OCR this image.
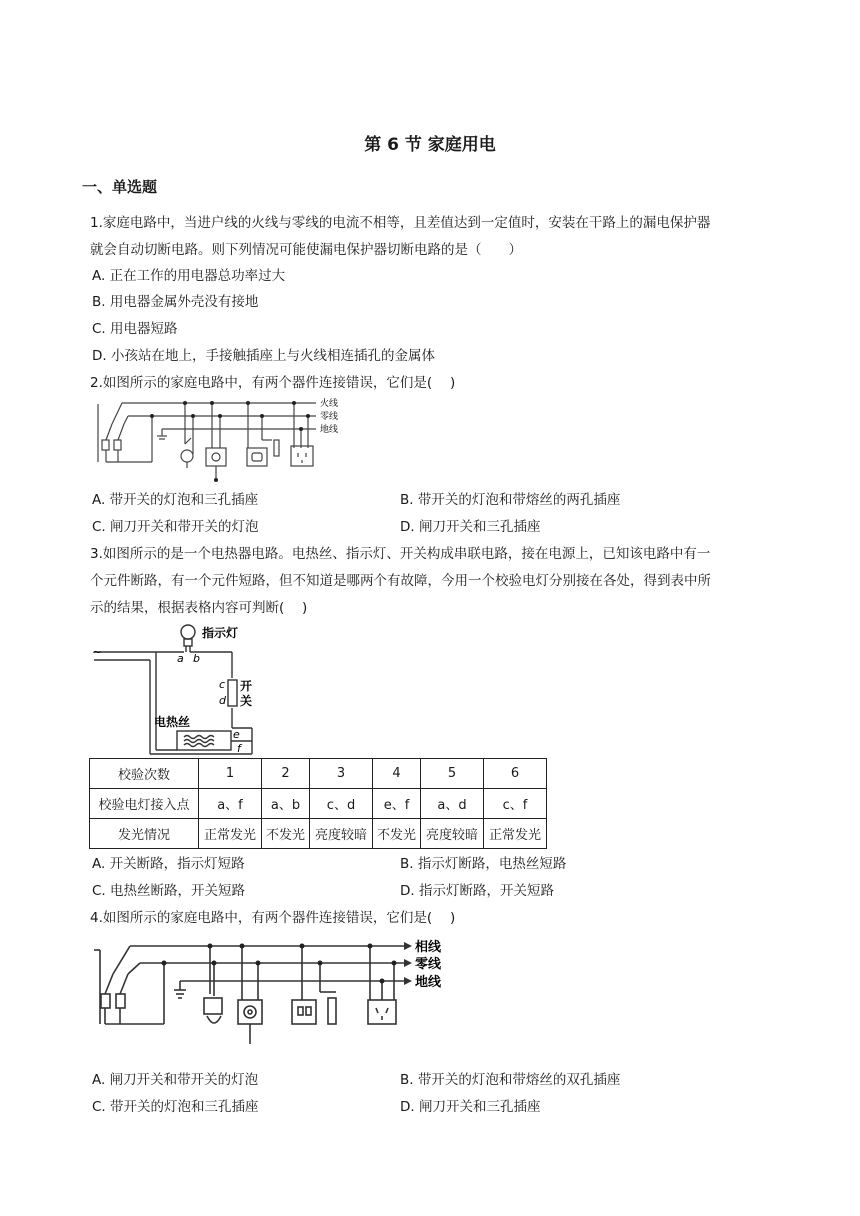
第 6 节 家庭用电
一、单选题
1.家庭电路中，当进户线的火线与零线的电流不相等，且差值达到一定值时，安装在干路上的漏电保护器
就会自动切断电路。则下列情况可能使漏电保护器切断电路的是（　　）
A. 正在工作的用电器总功率过大
B. 用电器金属外壳没有接地
C. 用电器短路
D. 小孩站在地上，手接触插座上与火线相连插孔的金属体
2.如图所示的家庭电路中，有两个器件连接错误，它们是(　 )
火线
零线
地线
A. 带开关的灯泡和三孔插座	B. 带开关的灯泡和带熔丝的两孔插座
C. 闸刀开关和带开关的灯泡	D. 闸刀开关和三孔插座
3.如图所示的是一个电热器电路。电热丝、指示灯、开关构成串联电路，接在电源上，已知该电路中有一
个元件断路，有一个元件短路，但不知道是哪两个有故障，今用一个校验电灯分别接在各处，得到表中所
示的结果，根据表格内容可判断(　 )
~
指示灯
a b
c
d
开
关
电热丝
e
f
校验次数	1	2	3	4	5	6
校验电灯接入点	a、f	a、b	c、d	e、f	a、d	c、f
发光情况	正常发光	不发光	亮度较暗	不发光	亮度较暗	正常发光
A. 开关断路，指示灯短路	B. 指示灯断路，电热丝短路
C. 电热丝断路，开关短路	D. 指示灯断路，开关短路
4.如图所示的家庭电路中，有两个器件连接错误，它们是(　 )
相线
零线
地线
A. 闸刀开关和带开关的灯泡	B. 带开关的灯泡和带熔丝的双孔插座
C. 带开关的灯泡和三孔插座	D. 闸刀开关和三孔插座
